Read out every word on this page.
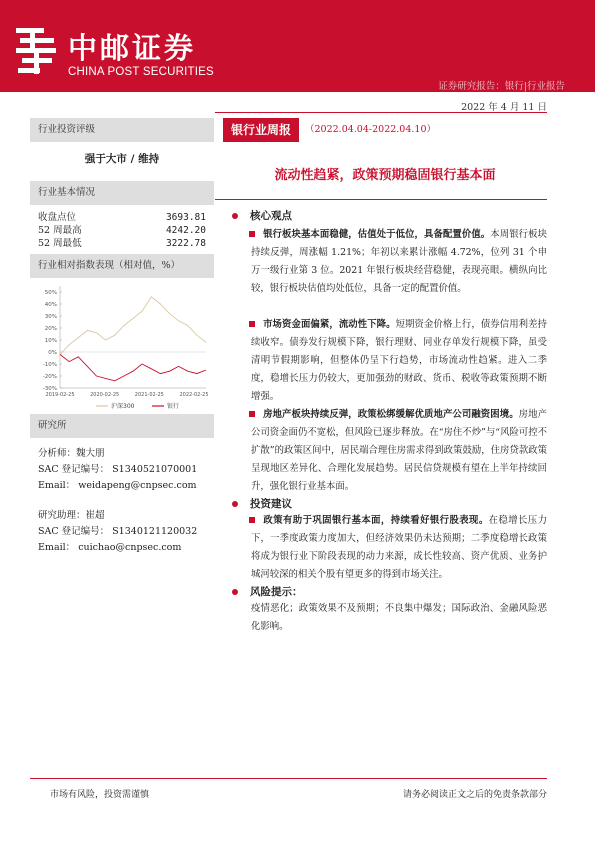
中邮证券
CHINA POST SECURITIES
证券研究报告：银行|行业报告
2022 年 4 月 11 日
行业投资评级
强于大市 / 维持
行业基本情况
收盘点位	3693.81
52 周最高	4242.20
52 周最低	3222.78
行业相对指数表现（相对值，%）
-30%
-20%
-10%
0%
10%
20%
30%
40%
50%
2019-02-25	2020-02-25	2021-02-25	2022-02-25
沪深300	银行
研究所
分析师：魏大朋
SAC 登记编号： S1340521070001
Email： weidapeng@cnpsec.com
研究助理：崔超
SAC 登记编号： S1340121120032
Email： cuichao@cnpsec.com
银行业周报	（2022.04.04-2022.04.10）
流动性趋紧，政策预期稳固银行基本面
核心观点
银行板块基本面稳健，估值处于低位，具备配置价值。本周银行板块持续反弹，周涨幅 1.21%；年初以来累计涨幅 4.72%，位列 31 个申万一级行业第 3 位。2021 年银行板块经营稳健，表现亮眼。横纵向比较，银行板块估值均处低位，具备一定的配置价值。
市场资金面偏紧，流动性下降。短期资金价格上行，债券信用利差持续收窄。债券发行规模下降，银行理财、同业存单发行规模下降，虽受清明节假期影响，但整体仍呈下行趋势，市场流动性趋紧。进入二季度，稳增长压力仍较大，更加强劲的财政、货币、税收等政策预期不断增强。
房地产板块持续反弹，政策松绑缓解优质地产公司融资困境。房地产公司资金面仍不宽松，但风险已逐步释放。在“房住不炒”与“风险可控不扩散”的政策区间中，居民端合理住房需求得到政策鼓励，住房贷款政策呈现地区差异化、合理化发展趋势。居民信贷规模有望在上半年持续回升，强化银行业基本面。
投资建议
政策有助于巩固银行基本面，持续看好银行股表现。在稳增长压力下，一季度政策力度加大，但经济效果仍未达预期；二季度稳增长政策将成为银行业下阶段表现的动力来源，成长性较高、资产优质、业务护城河较深的相关个股有望更多的得到市场关注。
风险提示：
疫情恶化；政策效果不及预期；不良集中爆发；国际政治、金融风险恶化影响。
市场有风险，投资需谨慎	请务必阅读正文之后的免责条款部分
